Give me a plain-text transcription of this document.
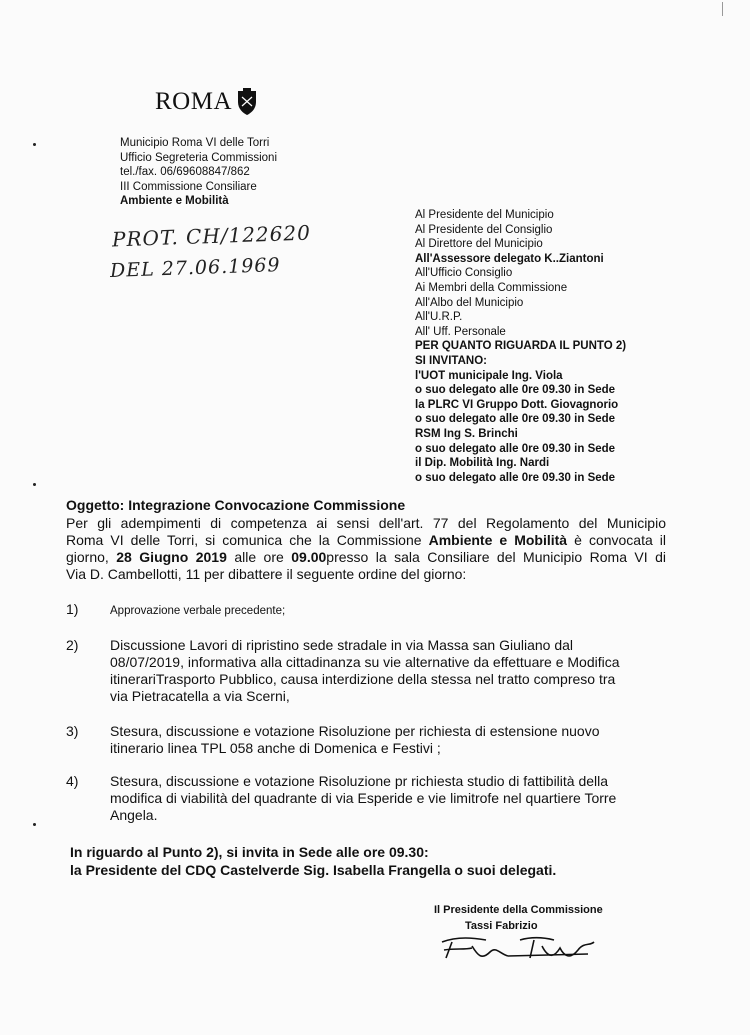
ROMA
Municipio Roma VI delle Torri
Ufficio Segreteria Commissioni
tel./fax. 06/69608847/862
III Commissione Consiliare
Ambiente e Mobilità
PROT. CH/122620
DEL 27.06.1969
Al Presidente del Municipio
Al Presidente del Consiglio
Al Direttore del Municipio
All'Assessore delegato K..Ziantoni
All'Ufficio Consiglio
Ai Membri della Commissione
All'Albo del Municipio
All'U.R.P.
All' Uff. Personale
PER QUANTO RIGUARDA IL PUNTO 2)
SI INVITANO:
l'UOT municipale Ing. Viola
o suo delegato alle 0re 09.30 in Sede
la PLRC VI Gruppo Dott. Giovagnorio
o suo delegato alle 0re 09.30 in Sede
RSM Ing S. Brinchi
o suo delegato alle 0re 09.30 in Sede
il Dip. Mobilità Ing. Nardi
o suo delegato alle 0re 09.30 in Sede
Oggetto: Integrazione Convocazione Commissione
Per gli adempimenti di competenza ai sensi dell'art. 77 del Regolamento del Municipio
Roma VI delle Torri, si comunica che la Commissione Ambiente e Mobilità è convocata il
giorno, 28 Giugno 2019 alle ore 09.00presso la sala Consiliare del Municipio Roma VI di
Via D. Cambellotti, 11 per dibattere il seguente ordine del giorno:
1)	Approvazione verbale precedente;
2) Discussione Lavori di ripristino sede stradale in via Massa san Giuliano dal
08/07/2019, informativa alla cittadinanza su vie alternative da effettuare e Modifica
itinerariTrasporto Pubblico, causa interdizione della stessa nel tratto compreso tra
via Pietracatella a via Scerni,
3) Stesura, discussione e votazione Risoluzione per richiesta di estensione nuovo
itinerario linea TPL 058 anche di Domenica e Festivi ;
4) Stesura, discussione e votazione Risoluzione pr richiesta studio di fattibilità della
modifica di viabilità del quadrante di via Esperide e vie limitrofe nel quartiere Torre
Angela.
In riguardo al Punto 2), si invita in Sede alle ore 09.30:
la Presidente del CDQ Castelverde Sig. Isabella Frangella o suoi delegati.
Il Presidente della Commissione
Tassi Fabrizio
